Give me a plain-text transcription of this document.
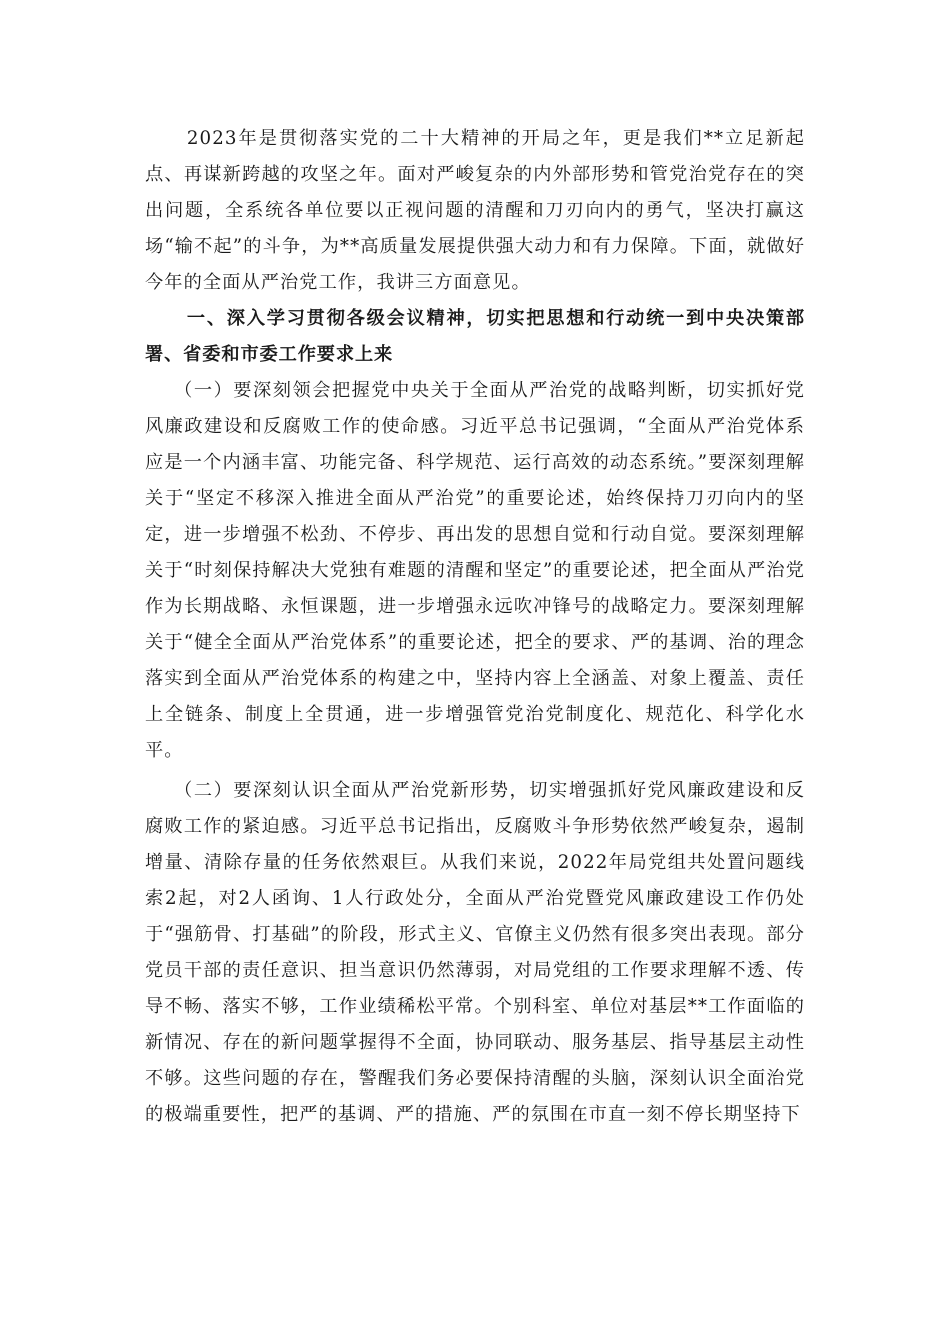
2023年是贯彻落实党的二十大精神的开局之年，更是我们**立足新起点、再谋新跨越的攻坚之年。面对严峻复杂的内外部形势和管党治党存在的突出问题，全系统各单位要以正视问题的清醒和刀刃向内的勇气，坚决打赢这场“输不起”的斗争，为**高质量发展提供强大动力和有力保障。下面，就做好今年的全面从严治党工作，我讲三方面意见。

一、深入学习贯彻各级会议精神，切实把思想和行动统一到中央决策部署、省委和市委工作要求上来

（一）要深刻领会把握党中央关于全面从严治党的战略判断，切实抓好党风廉政建设和反腐败工作的使命感。习近平总书记强调，“全面从严治党体系应是一个内涵丰富、功能完备、科学规范、运行高效的动态系统。”要深刻理解关于“坚定不移深入推进全面从严治党”的重要论述，始终保持刀刃向内的坚定，进一步增强不松劲、不停步、再出发的思想自觉和行动自觉。要深刻理解关于“时刻保持解决大党独有难题的清醒和坚定”的重要论述，把全面从严治党作为长期战略、永恒课题，进一步增强永远吹冲锋号的战略定力。要深刻理解关于“健全全面从严治党体系”的重要论述，把全的要求、严的基调、治的理念落实到全面从严治党体系的构建之中，坚持内容上全涵盖、对象上覆盖、责任上全链条、制度上全贯通，进一步增强管党治党制度化、规范化、科学化水平。

（二）要深刻认识全面从严治党新形势，切实增强抓好党风廉政建设和反腐败工作的紧迫感。习近平总书记指出，反腐败斗争形势依然严峻复杂，遏制增量、清除存量的任务依然艰巨。从我们来说，2022年局党组共处置问题线索2起，对2人函询、1人行政处分，全面从严治党暨党风廉政建设工作仍处于“强筋骨、打基础”的阶段，形式主义、官僚主义仍然有很多突出表现。部分党员干部的责任意识、担当意识仍然薄弱，对局党组的工作要求理解不透、传导不畅、落实不够，工作业绩稀松平常。个别科室、单位对基层**工作面临的新情况、存在的新问题掌握得不全面，协同联动、服务基层、指导基层主动性不够。这些问题的存在，警醒我们务必要保持清醒的头脑，深刻认识全面治党的极端重要性，把严的基调、严的措施、严的氛围在市直一刻不停长期坚持下
